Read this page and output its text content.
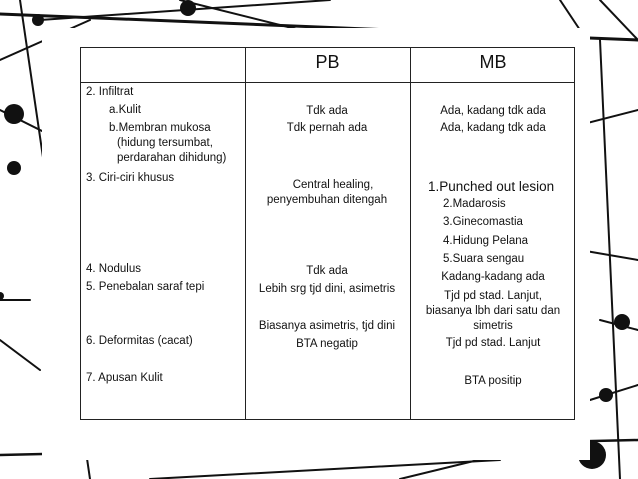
PB	MB
2. Infiltrat
a.Kulit
b.Membran mukosa
(hidung tersumbat,
perdarahan dihidung)
3. Ciri-ciri khusus
4. Nodulus
5. Penebalan saraf tepi
6. Deformitas (cacat)
7. Apusan Kulit
Tdk ada
Tdk pernah ada
Central healing,
penyembuhan ditengah
Tdk ada
Lebih srg tjd dini, asimetris
Biasanya asimetris, tjd dini
BTA negatip
Ada, kadang tdk ada
Ada, kadang tdk ada
1.Punched out lesion
2.Madarosis
3.Ginecomastia
4.Hidung Pelana
5.Suara sengau
Kadang-kadang ada
Tjd pd stad. Lanjut,
biasanya lbh dari satu dan
simetris
Tjd pd stad. Lanjut
BTA positip
